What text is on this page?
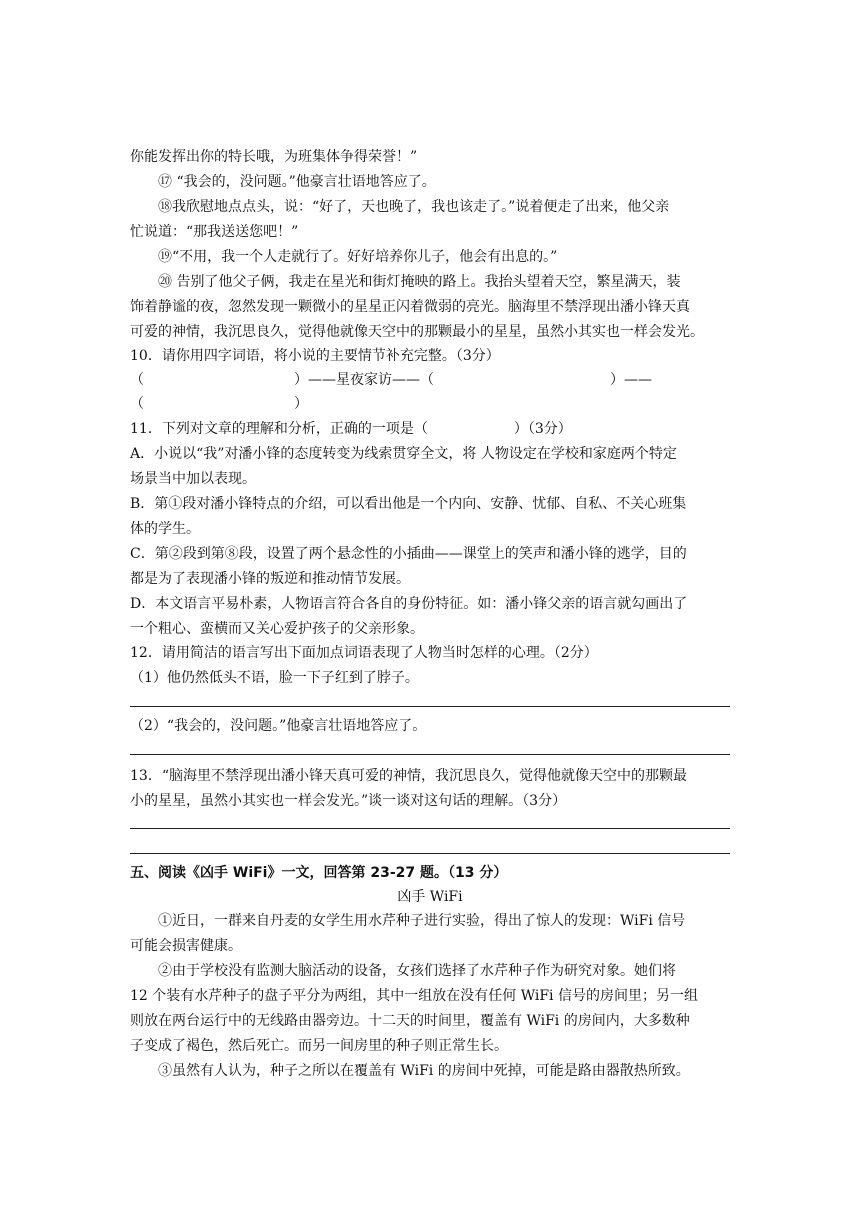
你能发挥出你的特长哦，为班集体争得荣誉！”
⑰ “我会的，没问题。”他豪言壮语地答应了。
⑱我欣慰地点点头，说：“好了，天也晚了，我也该走了。”说着便走了出来，他父亲
忙说道：“那我送送您吧！”
⑲“不用，我一个人走就行了。好好培养你儿子，他会有出息的。”
⑳ 告别了他父子俩，我走在星光和街灯掩映的路上。我抬头望着天空，繁星满天，装
饰着静谧的夜，忽然发现一颗微小的星星正闪着微弱的亮光。脑海里不禁浮现出潘小锋天真
可爱的神情，我沉思良久，觉得他就像天空中的那颗最小的星星，虽然小其实也一样会发光。
10．请你用四字词语，将小说的主要情节补充完整。（3分）
（	）——星夜家访——（	）——
（	）
11．下列对文章的理解和分析，正确的一项是（	）（3分）
A．小说以“我”对潘小锋的态度转变为线索贯穿全文，将 人物设定在学校和家庭两个特定
场景当中加以表现。
B．第①段对潘小锋特点的介绍，可以看出他是一个内向、安静、忧郁、自私、不关心班集
体的学生。
C．第②段到第⑧段，设置了两个悬念性的小插曲——课堂上的笑声和潘小锋的逃学，目的
都是为了表现潘小锋的叛逆和推动情节发展。
D．本文语言平易朴素，人物语言符合各自的身份特征。如：潘小锋父亲的语言就勾画出了
一个粗心、蛮横而又关心爱护孩子的父亲形象。
12．请用简洁的语言写出下面加点词语表现了人物当时怎样的心理。（2分）
（1）他仍然低头不语，脸一下子红到了脖子。
（2）“我会的，没问题。”他豪言壮语地答应了。
13．“脑海里不禁浮现出潘小锋天真可爱的神情，我沉思良久，觉得他就像天空中的那颗最
小的星星，虽然小其实也一样会发光。”谈一谈对这句话的理解。（3分）
五、阅读《凶手 WiFi》一文，回答第 23-27 题。（13 分）
凶手 WiFi
①近日，一群来自丹麦的女学生用水芹种子进行实验，得出了惊人的发现：WiFi 信号
可能会损害健康。
②由于学校没有监测大脑活动的设备，女孩们选择了水芹种子作为研究对象。她们将
12 个装有水芹种子的盘子平分为两组，其中一组放在没有任何 WiFi 信号的房间里；另一组
则放在两台运行中的无线路由器旁边。十二天的时间里，覆盖有 WiFi 的房间内，大多数种
子变成了褐色，然后死亡。而另一间房里的种子则正常生长。
③虽然有人认为，种子之所以在覆盖有 WiFi 的房间中死掉，可能是路由器散热所致。
